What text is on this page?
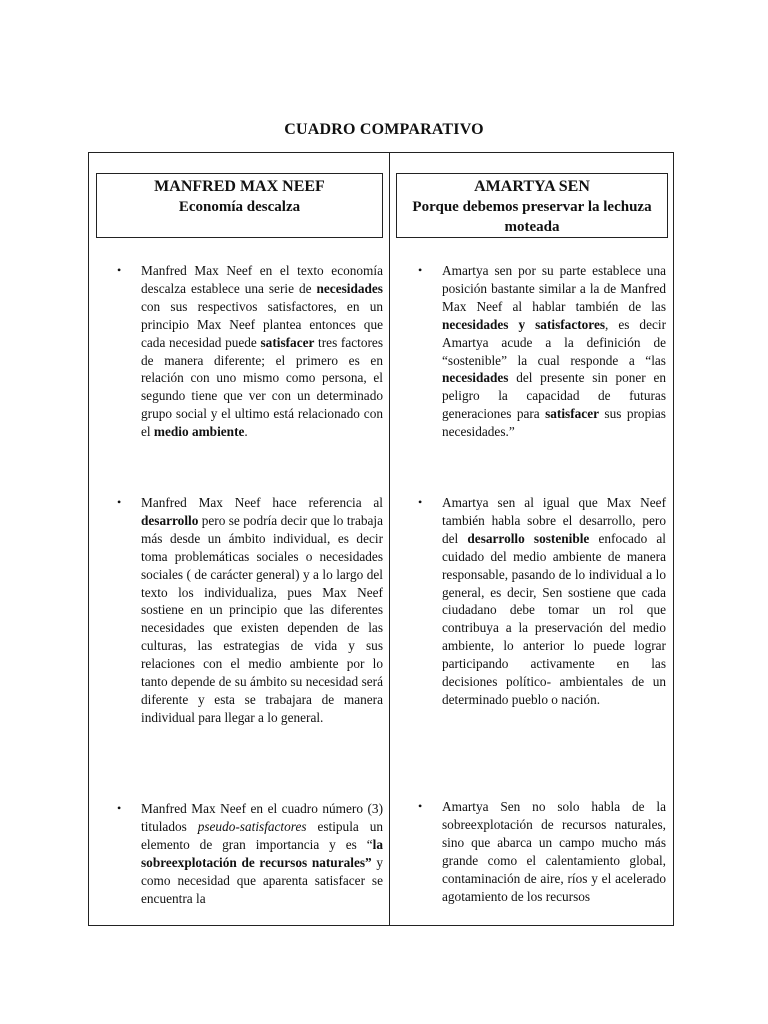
CUADRO COMPARATIVO
MANFRED MAX NEEF
Economía descalza
AMARTYA SEN
Porque debemos preservar la lechuza moteada
• Manfred Max Neef en el texto economía descalza establece una serie de necesidades con sus respectivos satisfactores, en un principio Max Neef plantea entonces que cada necesidad puede satisfacer tres factores de manera diferente; el primero es en relación con uno mismo como persona, el segundo tiene que ver con un determinado grupo social y el ultimo está relacionado con el medio ambiente.
• Manfred Max Neef hace referencia al desarrollo pero se podría decir que lo trabaja más desde un ámbito individual, es decir toma problemáticas sociales o necesidades sociales ( de carácter general) y a lo largo del texto los individualiza, pues Max Neef sostiene en un principio que las diferentes necesidades que existen dependen de las culturas, las estrategias de vida y sus relaciones con el medio ambiente por lo tanto depende de su ámbito su necesidad será diferente y esta se trabajara de manera individual para llegar a lo general.
• Manfred Max Neef en el cuadro número (3) titulados pseudo-satisfactores estipula un elemento de gran importancia y es “la sobreexplotación de recursos naturales” y como necesidad que aparenta satisfacer se encuentra la
• Amartya sen por su parte establece una posición bastante similar a la de Manfred Max Neef al hablar también de las necesidades y satisfactores, es decir Amartya acude a la definición de “sostenible” la cual responde a “las necesidades del presente sin poner en peligro la capacidad de futuras generaciones para satisfacer sus propias necesidades.”
• Amartya sen al igual que Max Neef también habla sobre el desarrollo, pero del desarrollo sostenible enfocado al cuidado del medio ambiente de manera responsable, pasando de lo individual a lo general, es decir, Sen sostiene que cada ciudadano debe tomar un rol que contribuya a la preservación del medio ambiente, lo anterior lo puede lograr participando activamente en las decisiones político- ambientales de un determinado pueblo o nación.
• Amartya Sen no solo habla de la sobreexplotación de recursos naturales, sino que abarca un campo mucho más grande como el calentamiento global, contaminación de aire, ríos y el acelerado agotamiento de los recursos
